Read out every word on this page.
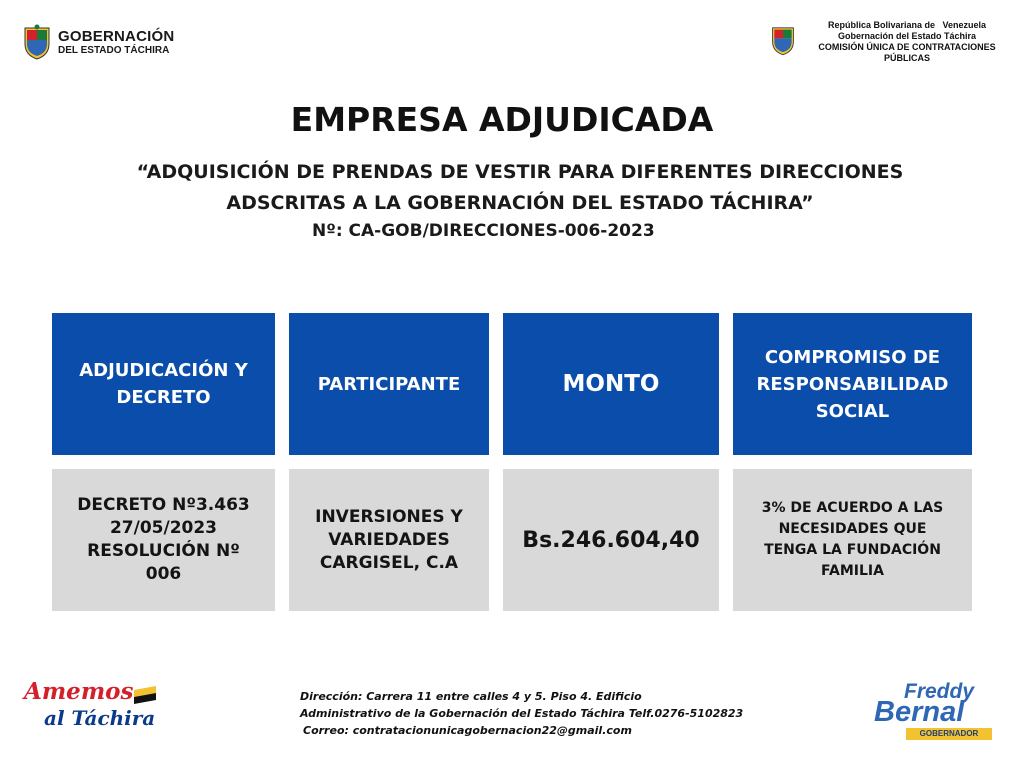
GOBERNACIÓN
DEL ESTADO TÁCHIRA
República Bolivariana de   Venezuela
Gobernación del Estado Táchira
COMISIÓN ÚNICA DE CONTRATACIONES PÚBLICAS
EMPRESA ADJUDICADA
“ADQUISICIÓN DE PRENDAS DE VESTIR PARA DIFERENTES DIRECCIONES
ADSCRITAS A LA GOBERNACIÓN DEL ESTADO TÁCHIRA”
Nº: CA-GOB/DIRECCIONES-006-2023
ADJUDICACIÓN Y DECRETO
PARTICIPANTE	MONTO
COMPROMISO DE RESPONSABILIDAD SOCIAL
DECRETO Nº3.463 27/05/2023 RESOLUCIÓN Nº 006
INVERSIONES Y VARIEDADES CARGISEL, C.A
Bs.246.604,40
3% DE ACUERDO A LAS NECESIDADES QUE TENGA LA FUNDACIÓN FAMILIA
Amemos
al Táchira
Dirección: Carrera 11 entre calles 4 y 5. Piso 4. Edificio
Administrativo de la Gobernación del Estado Táchira Telf.0276-5102823
Correo: contratacionunicagobernacion22@gmail.com
Freddy
Bernal
GOBERNADOR
